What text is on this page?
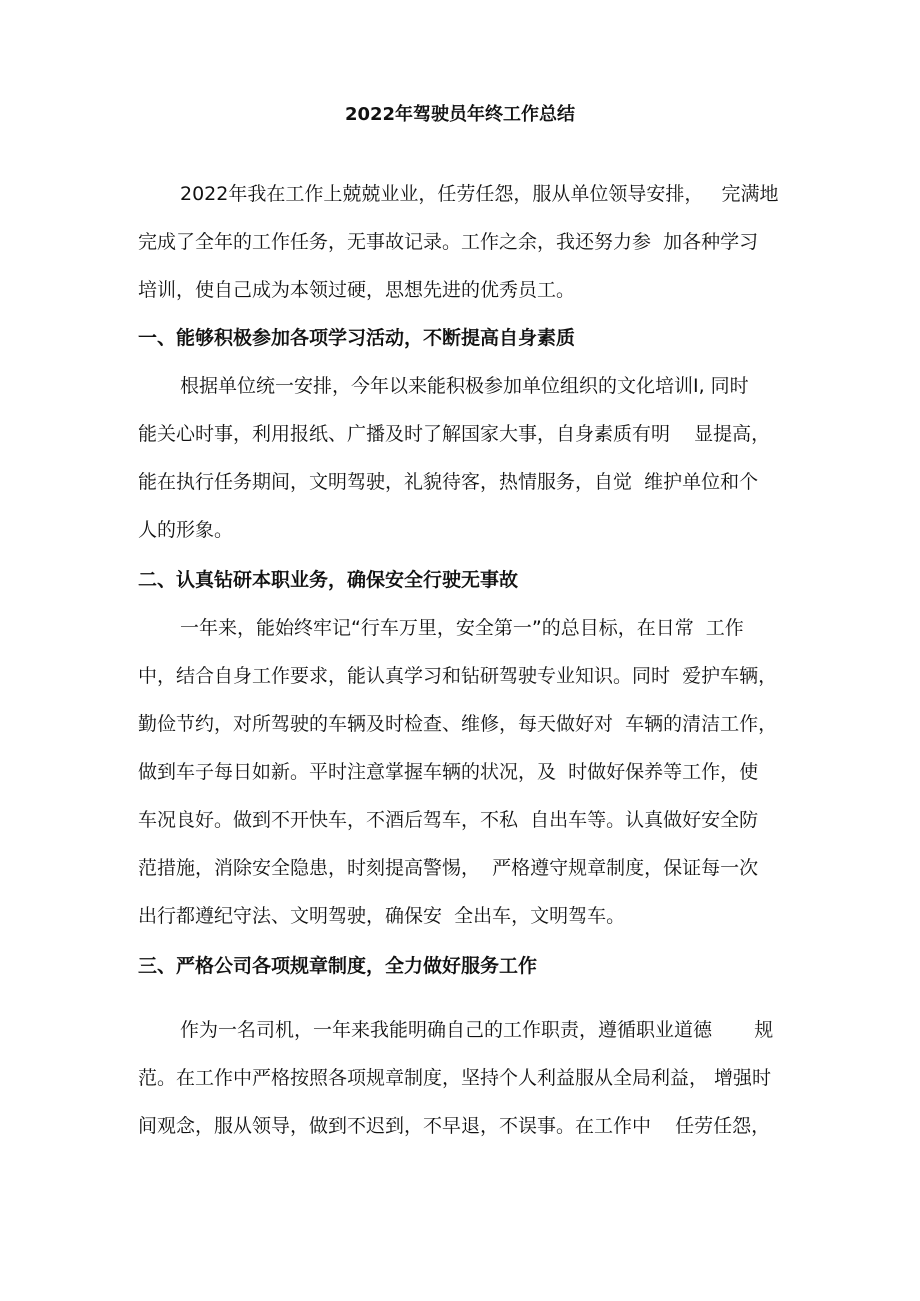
2022年驾驶员年终工作总结
2022年我在工作上兢兢业业，任劳任怨，服从单位领导安排，   完满地
完成了全年的工作任务，无事故记录。工作之余，我还努力参  加各种学习
培训，使自己成为本领过硬，思想先进的优秀员工。
一、能够积极参加各项学习活动，不断提高自身素质
根据单位统一安排，今年以来能积极参加单位组织的文化培训I, 同时
能关心时事，利用报纸、广播及时了解国家大事，自身素质有明    显提高，
能在执行任务期间，文明驾驶，礼貌待客，热情服务，自觉  维护单位和个
人的形象。
二、认真钻研本职业务，确保安全行驶无事故
一年来，能始终牢记“行车万里，安全第一”的总目标，在日常  工作
中，结合自身工作要求，能认真学习和钻研驾驶专业知识。同时  爱护车辆，
勤俭节约，对所驾驶的车辆及时检查、维修，每天做好对  车辆的清洁工作，
做到车子每日如新。平时注意掌握车辆的状况，及  时做好保养等工作，使
车况良好。做到不开快车，不酒后驾车，不私  自出车等。认真做好安全防
范措施，消除安全隐患，时刻提高警惕，  严格遵守规章制度，保证每一次
出行都遵纪守法、文明驾驶，确保安  全出车，文明驾车。
三、严格公司各项规章制度，全力做好服务工作
作为一名司机，一年来我能明确自己的工作职责，遵循职业道德       规
范。在工作中严格按照各项规章制度，坚持个人利益服从全局利益， 增强时
间观念，服从领导，做到不迟到，不早退，不误事。在工作中    任劳任怨，
